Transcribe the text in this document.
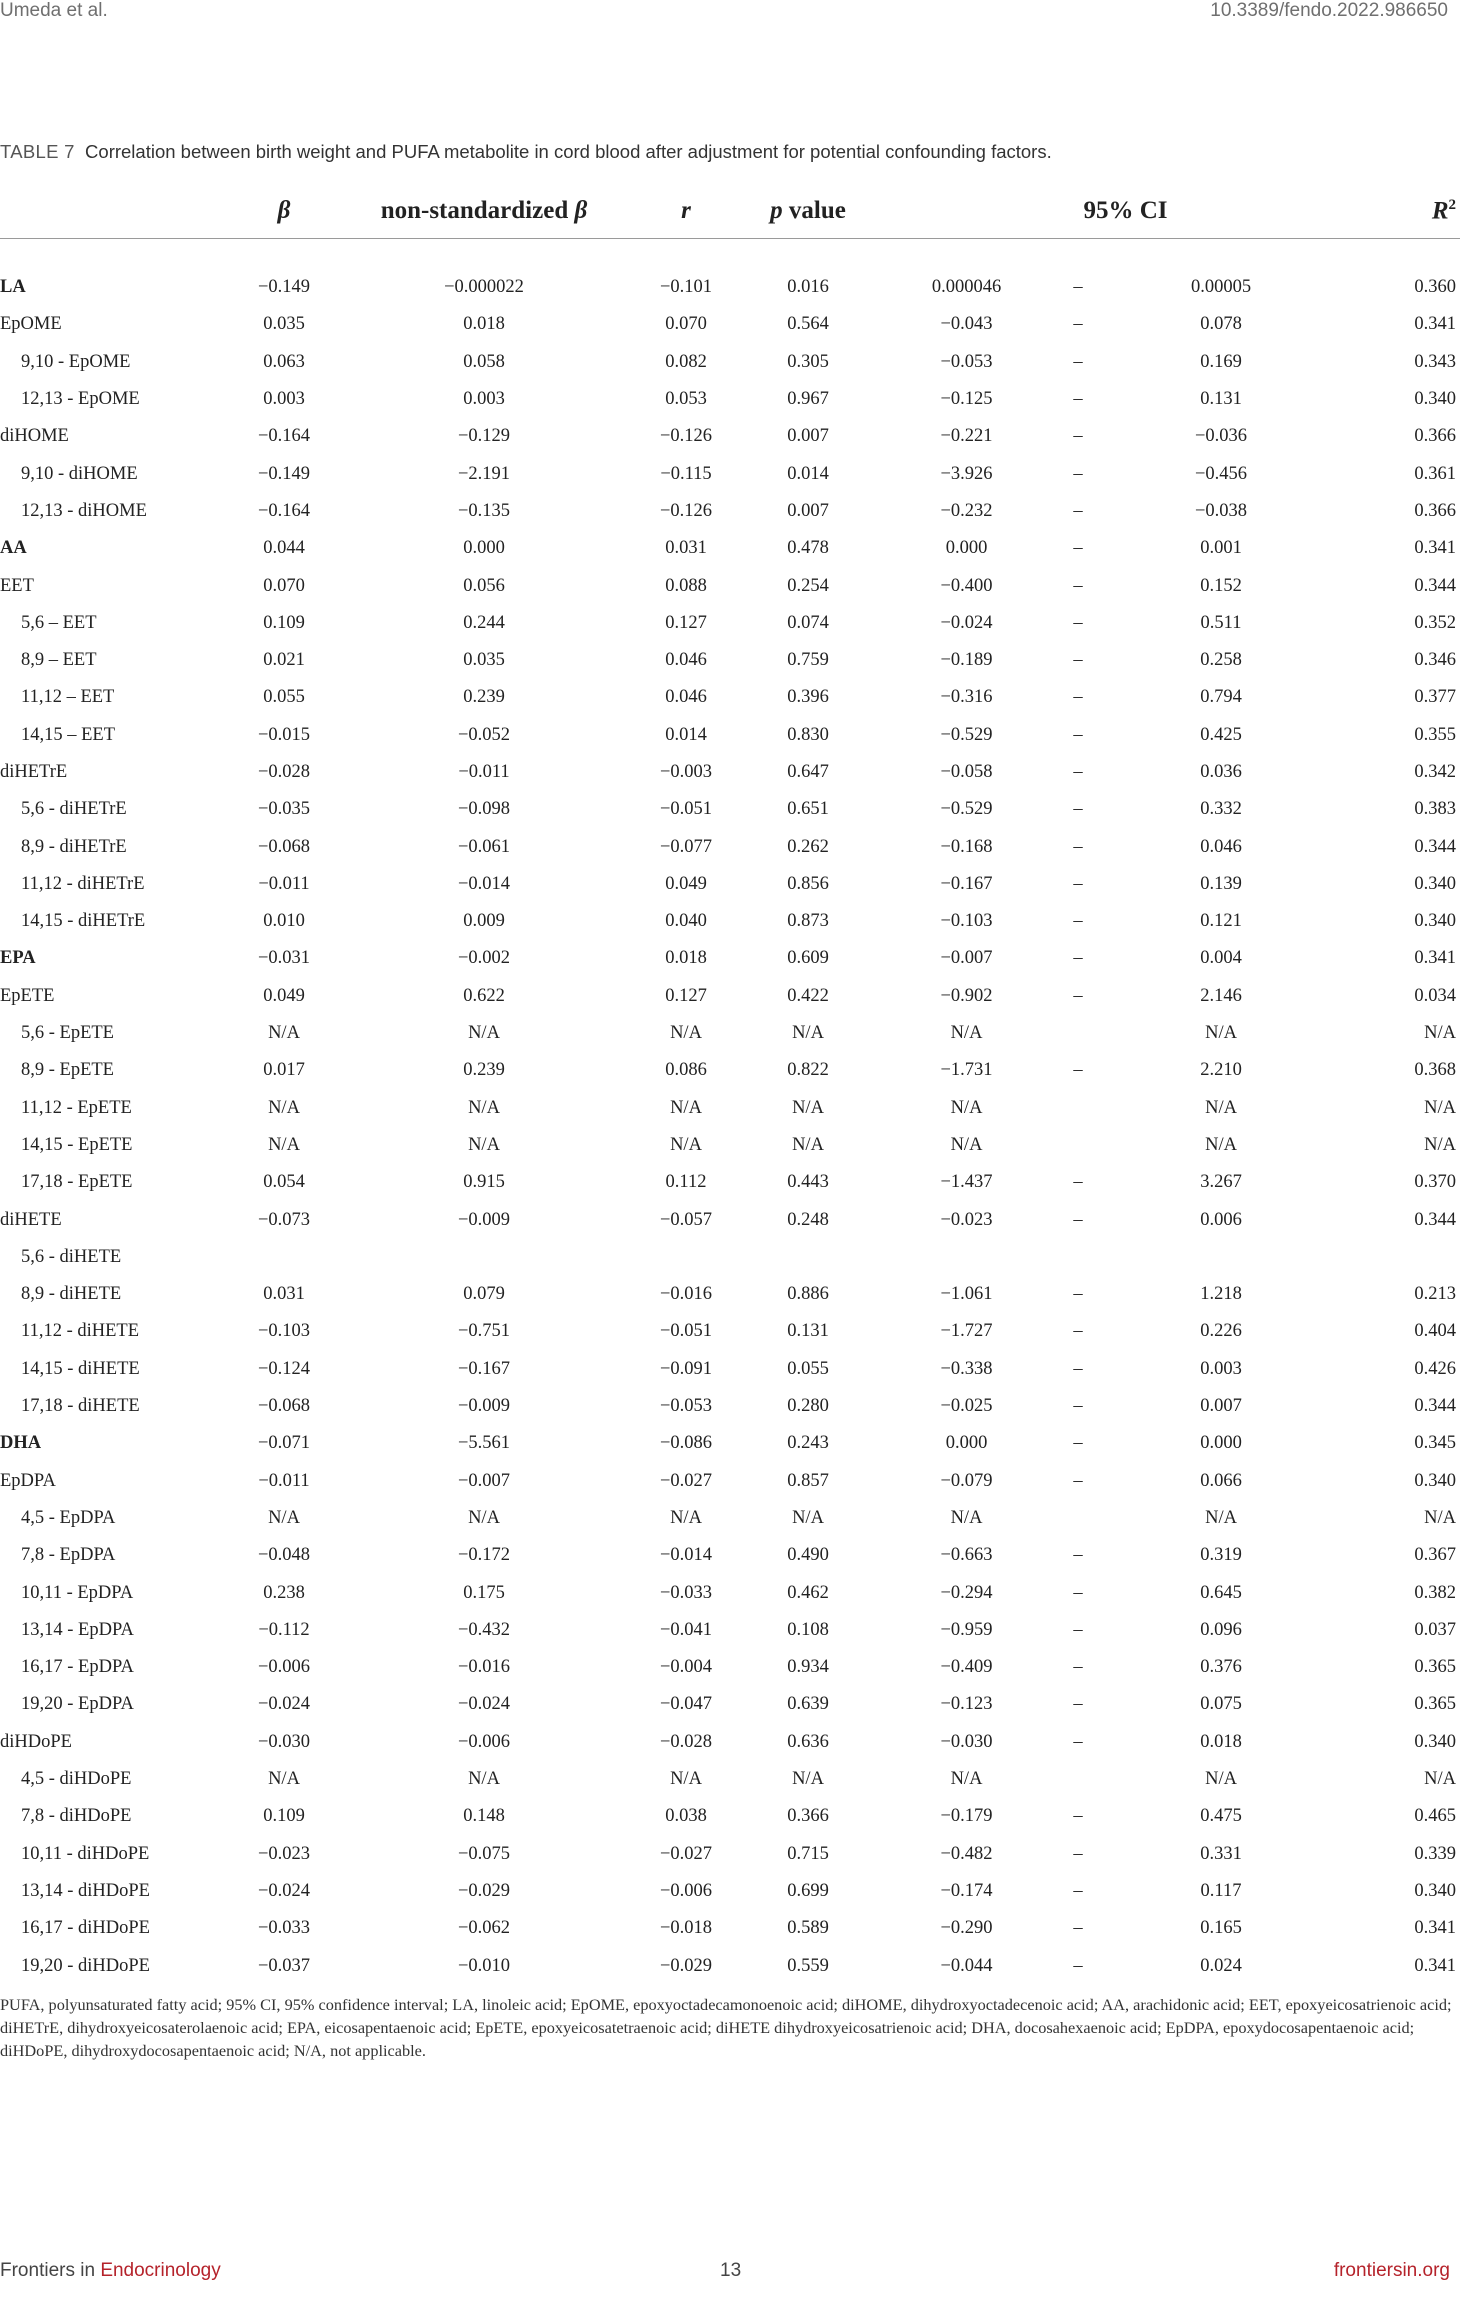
Umeda et al.	10.3389/fendo.2022.986650
TABLE 7 Correlation between birth weight and PUFA metabolite in cord blood after adjustment for potential confounding factors.
	β	non-standardized β	r	p value	95% CI			$R^2$

LA	−0.149	−0.000022	−0.101	0.016	0.000046	–	0.00005	0.360
EpOME	0.035	0.018	0.070	0.564	−0.043	–	0.078	0.341
9,10 - EpOME	0.063	0.058	0.082	0.305	−0.053	–	0.169	0.343
12,13 - EpOME	0.003	0.003	0.053	0.967	−0.125	–	0.131	0.340
diHOME	−0.164	−0.129	−0.126	0.007	−0.221	–	−0.036	0.366
9,10 - diHOME	−0.149	−2.191	−0.115	0.014	−3.926	–	−0.456	0.361
12,13 - diHOME	−0.164	−0.135	−0.126	0.007	−0.232	–	−0.038	0.366
AA	0.044	0.000	0.031	0.478	0.000	–	0.001	0.341
EET	0.070	0.056	0.088	0.254	−0.400	–	0.152	0.344
5,6 – EET	0.109	0.244	0.127	0.074	−0.024	–	0.511	0.352
8,9 – EET	0.021	0.035	0.046	0.759	−0.189	–	0.258	0.346
11,12 – EET	0.055	0.239	0.046	0.396	−0.316	–	0.794	0.377
14,15 – EET	−0.015	−0.052	0.014	0.830	−0.529	–	0.425	0.355
diHETrE	−0.028	−0.011	−0.003	0.647	−0.058	–	0.036	0.342
5,6 - diHETrE	−0.035	−0.098	−0.051	0.651	−0.529	–	0.332	0.383
8,9 - diHETrE	−0.068	−0.061	−0.077	0.262	−0.168	–	0.046	0.344
11,12 - diHETrE	−0.011	−0.014	0.049	0.856	−0.167	–	0.139	0.340
14,15 - diHETrE	0.010	0.009	0.040	0.873	−0.103	–	0.121	0.340
EPA	−0.031	−0.002	0.018	0.609	−0.007	–	0.004	0.341
EpETE	0.049	0.622	0.127	0.422	−0.902	–	2.146	0.034
5,6 - EpETE	N/A	N/A	N/A	N/A	N/A		N/A	N/A
8,9 - EpETE	0.017	0.239	0.086	0.822	−1.731	–	2.210	0.368
11,12 - EpETE	N/A	N/A	N/A	N/A	N/A		N/A	N/A
14,15 - EpETE	N/A	N/A	N/A	N/A	N/A		N/A	N/A
17,18 - EpETE	0.054	0.915	0.112	0.443	−1.437	–	3.267	0.370
diHETE	−0.073	−0.009	−0.057	0.248	−0.023	–	0.006	0.344
5,6 - diHETE								
8,9 - diHETE	0.031	0.079	−0.016	0.886	−1.061	–	1.218	0.213
11,12 - diHETE	−0.103	−0.751	−0.051	0.131	−1.727	–	0.226	0.404
14,15 - diHETE	−0.124	−0.167	−0.091	0.055	−0.338	–	0.003	0.426
17,18 - diHETE	−0.068	−0.009	−0.053	0.280	−0.025	–	0.007	0.344
DHA	−0.071	−5.561	−0.086	0.243	0.000	–	0.000	0.345
EpDPA	−0.011	−0.007	−0.027	0.857	−0.079	–	0.066	0.340
4,5 - EpDPA	N/A	N/A	N/A	N/A	N/A		N/A	N/A
7,8 - EpDPA	−0.048	−0.172	−0.014	0.490	−0.663	–	0.319	0.367
10,11 - EpDPA	0.238	0.175	−0.033	0.462	−0.294	–	0.645	0.382
13,14 - EpDPA	−0.112	−0.432	−0.041	0.108	−0.959	–	0.096	0.037
16,17 - EpDPA	−0.006	−0.016	−0.004	0.934	−0.409	–	0.376	0.365
19,20 - EpDPA	−0.024	−0.024	−0.047	0.639	−0.123	–	0.075	0.365
diHDoPE	−0.030	−0.006	−0.028	0.636	−0.030	–	0.018	0.340
4,5 - diHDoPE	N/A	N/A	N/A	N/A	N/A		N/A	N/A
7,8 - diHDoPE	0.109	0.148	0.038	0.366	−0.179	–	0.475	0.465
10,11 - diHDoPE	−0.023	−0.075	−0.027	0.715	−0.482	–	0.331	0.339
13,14 - diHDoPE	−0.024	−0.029	−0.006	0.699	−0.174	–	0.117	0.340
16,17 - diHDoPE	−0.033	−0.062	−0.018	0.589	−0.290	–	0.165	0.341
19,20 - diHDoPE	−0.037	−0.010	−0.029	0.559	−0.044	–	0.024	0.341
PUFA, polyunsaturated fatty acid; 95% CI, 95% confidence interval; LA, linoleic acid; EpOME, epoxyoctadecamonoenoic acid; diHOME, dihydroxyoctadecenoic acid; AA, arachidonic acid; EET, epoxyeicosatrienoic acid; diHETrE, dihydroxyeicosaterolaenoic acid; EPA, eicosapentaenoic acid; EpETE, epoxyeicosatetraenoic acid; diHETE dihydroxyeicosatrienoic acid; DHA, docosahexaenoic acid; EpDPA, epoxydocosapentaenoic acid; diHDoPE, dihydroxydocosapentaenoic acid; N/A, not applicable.
Frontiers in Endocrinology	13	frontiersin.org
